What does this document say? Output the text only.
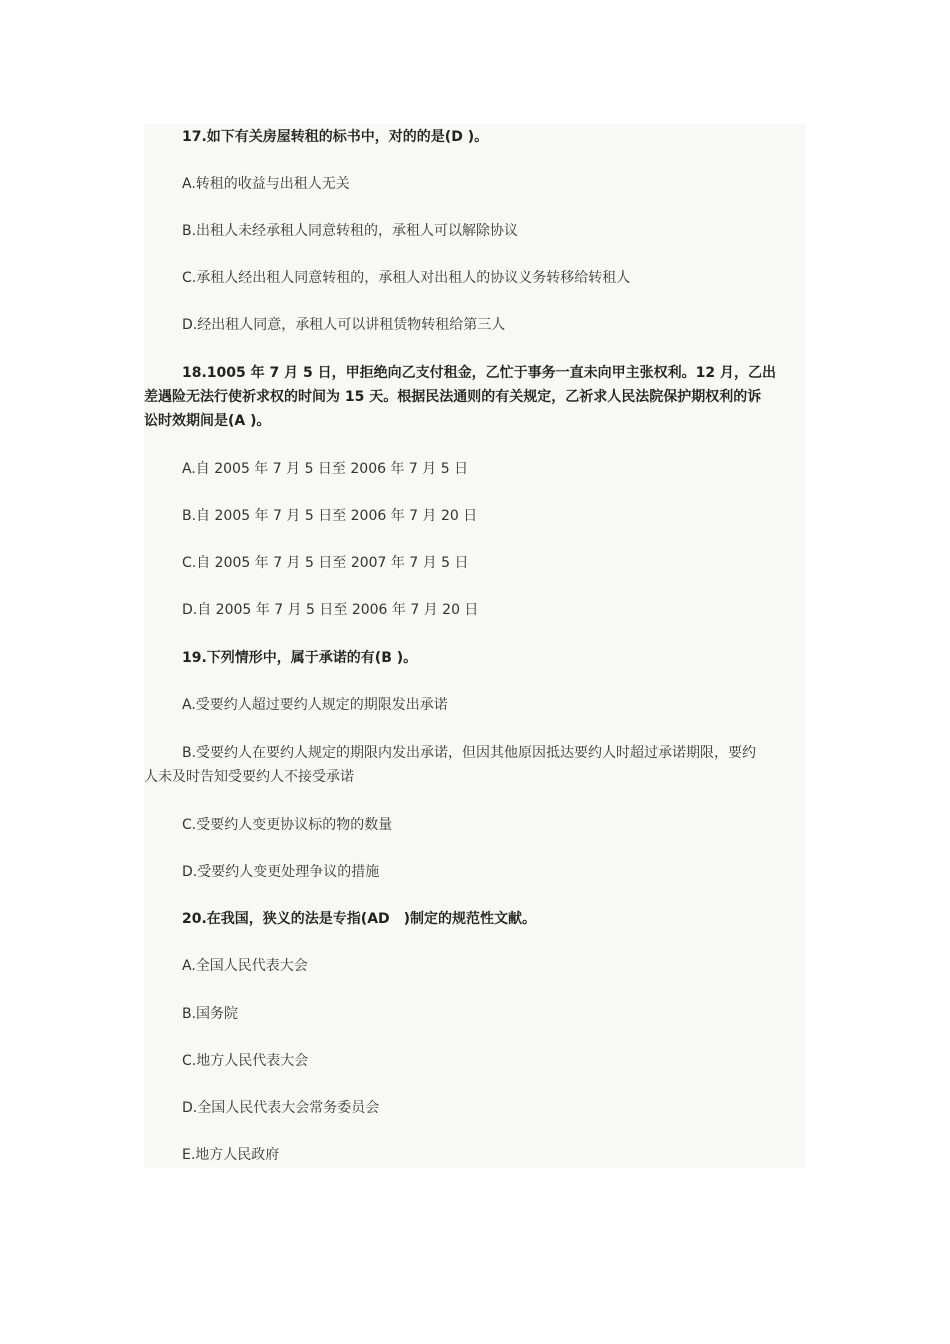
17.如下有关房屋转租的标书中，对的的是(D )。

A.转租的收益与出租人无关

B.出租人未经承租人同意转租的，承租人可以解除协议

C.承租人经出租人同意转租的，承租人对出租人的协议义务转移给转租人

D.经出租人同意，承租人可以讲租赁物转租给第三人

18.1005 年 7 月 5 日，甲拒绝向乙支付租金，乙忙于事务一直未向甲主张权利。12 月，乙出

差遇险无法行使祈求权的时间为 15 天。根据民法通则的有关规定，乙祈求人民法院保护期权利的诉

讼时效期间是(A )。

A.自 2005 年 7 月 5 日至 2006 年 7 月 5 日

B.自 2005 年 7 月 5 日至 2006 年 7 月 20 日

C.自 2005 年 7 月 5 日至 2007 年 7 月 5 日

D.自 2005 年 7 月 5 日至 2006 年 7 月 20 日

19.下列情形中，属于承诺的有(B )。

A.受要约人超过要约人规定的期限发出承诺

B.受要约人在要约人规定的期限内发出承诺，但因其他原因抵达要约人时超过承诺期限，要约

人未及时告知受要约人不接受承诺

C.受要约人变更协议标的物的数量

D.受要约人变更处理争议的措施

20.在我国，狭义的法是专指(AD　)制定的规范性文献。

A.全国人民代表大会

B.国务院

C.地方人民代表大会

D.全国人民代表大会常务委员会

E.地方人民政府
